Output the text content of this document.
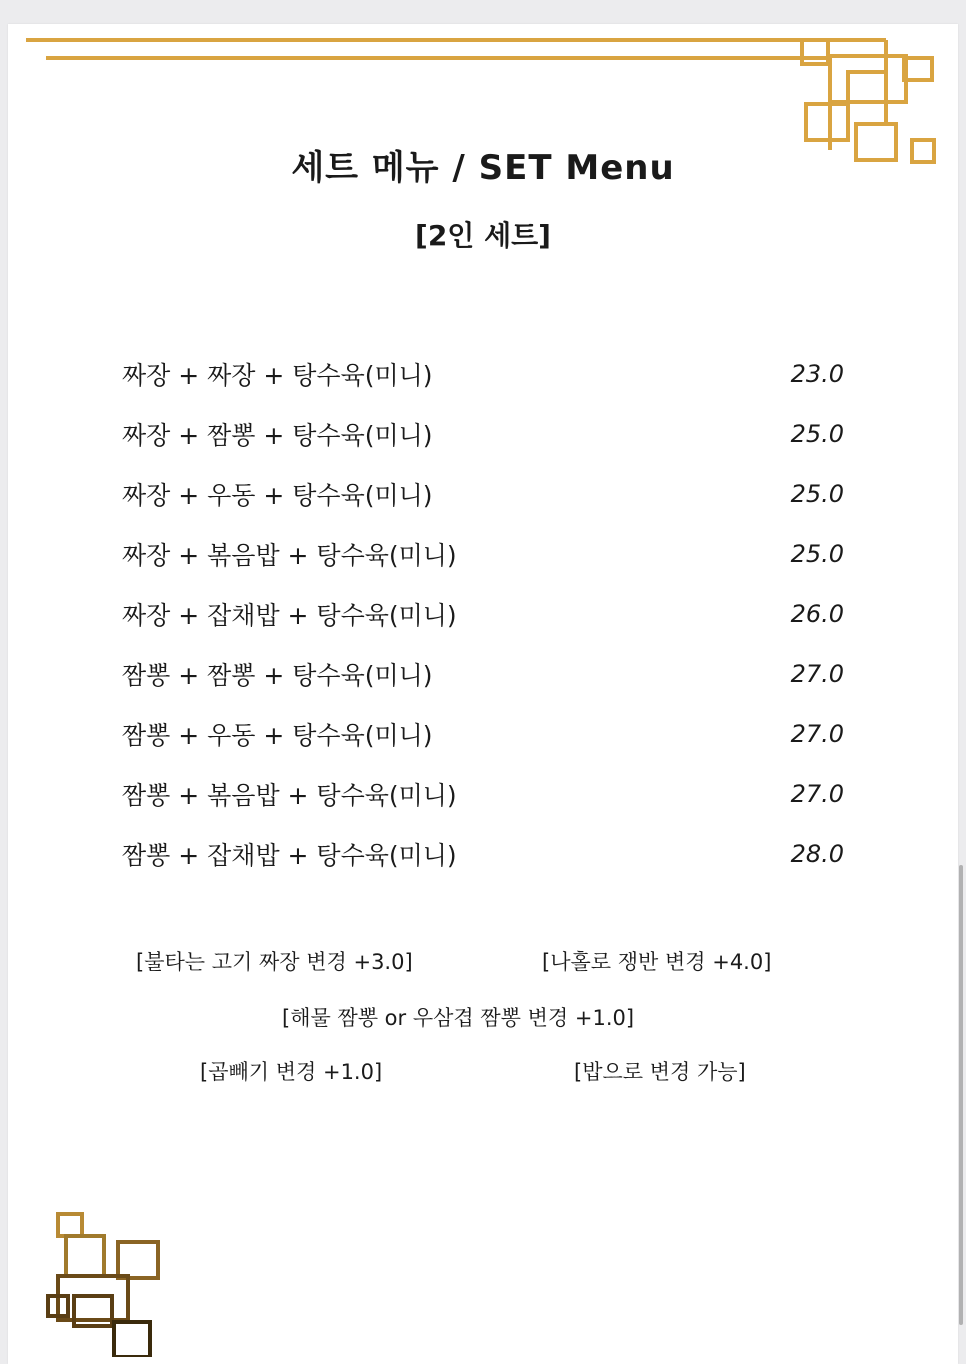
세트 메뉴 / SET Menu
[2인 세트]
짜장 + 짜장 + 탕수육(미니)	23.0
짜장 + 짬뽕 + 탕수육(미니)	25.0
짜장 + 우동 + 탕수육(미니)	25.0
짜장 + 볶음밥 + 탕수육(미니)	25.0
짜장 + 잡채밥 + 탕수육(미니)	26.0
짬뽕 + 짬뽕 + 탕수육(미니)	27.0
짬뽕 + 우동 + 탕수육(미니)	27.0
짬뽕 + 볶음밥 + 탕수육(미니)	27.0
짬뽕 + 잡채밥 + 탕수육(미니)	28.0
[불타는 고기 짜장 변경 +3.0]	[나홀로 쟁반 변경 +4.0]
[해물 짬뽕 or 우삼겹 짬뽕 변경 +1.0]
[곱빼기 변경 +1.0]	[밥으로 변경 가능]
